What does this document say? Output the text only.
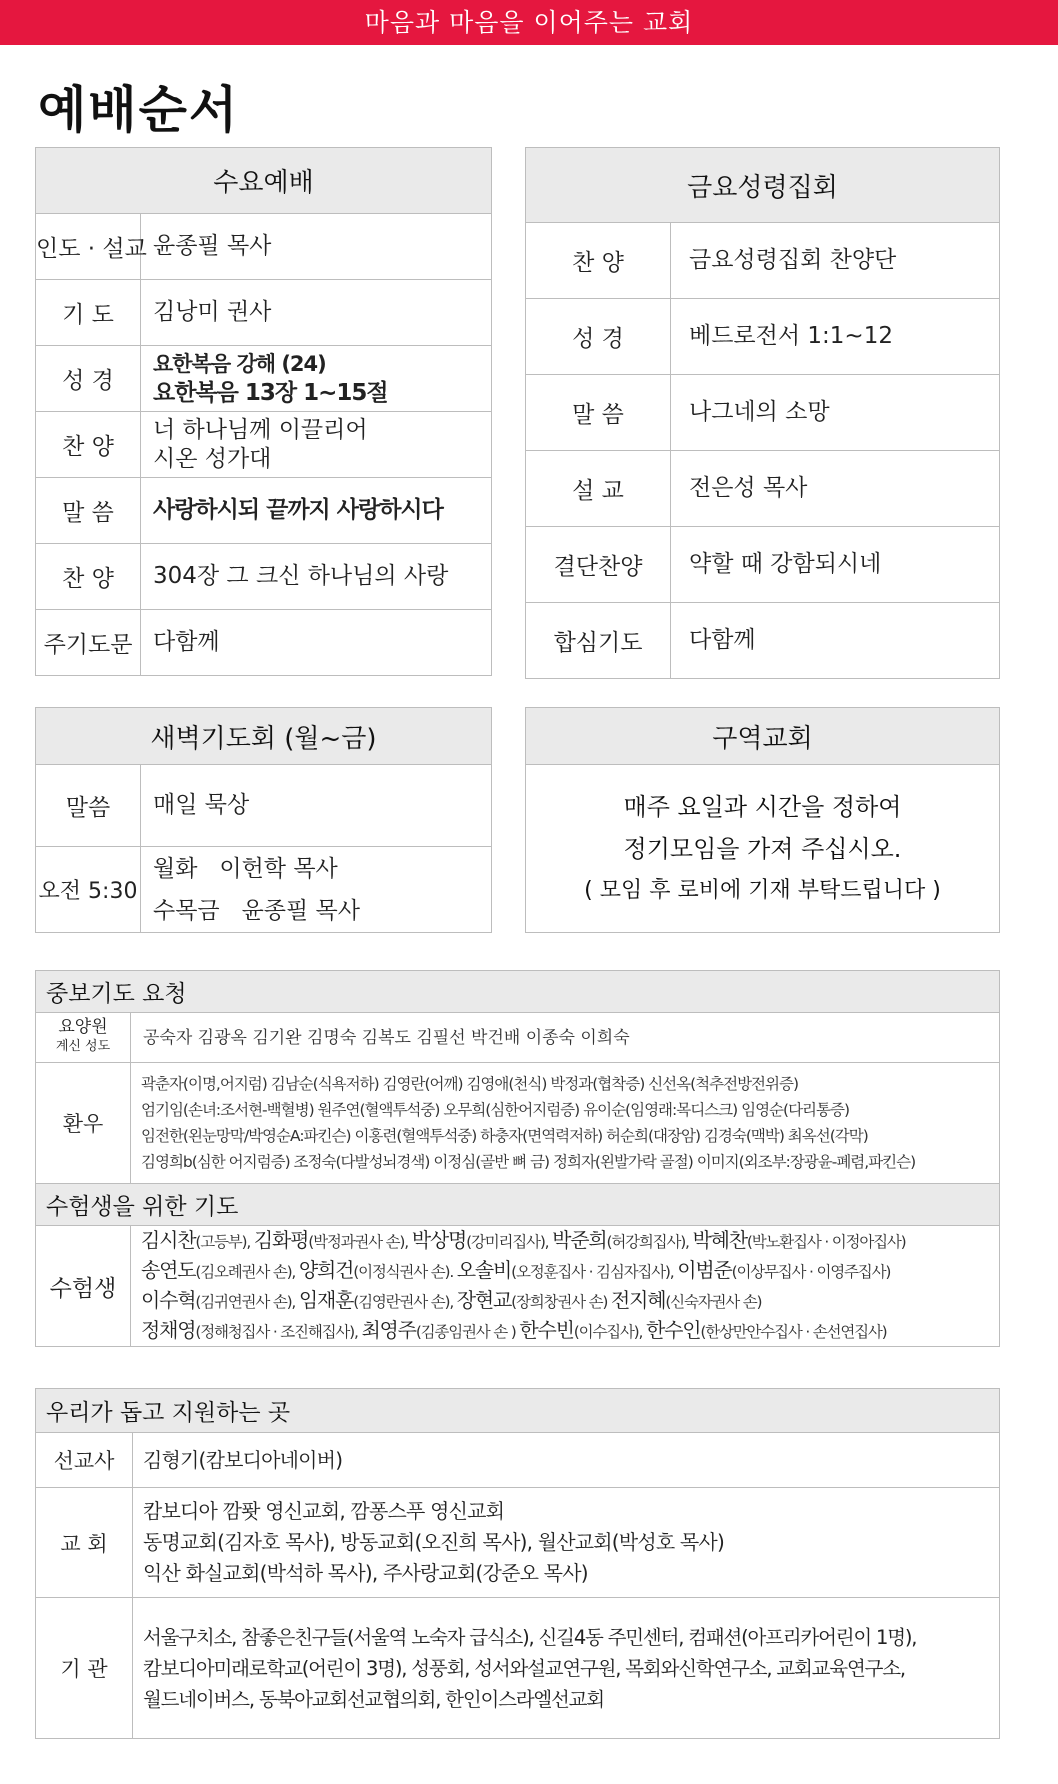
마음과 마음을 이어주는 교회
예배순서
수요예배	
인도 · 설교	윤종필 목사
기 도	김낭미 권사
성 경	요한복음 강해 (24)
요한복음 13장 1~15절

찬 양	너 하나님께 이끌리어
시온 성가대

말 씀	사랑하시되 끝까지 사랑하시다
찬 양	304장 그 크신 하나님의 사랑
주기도문	다함께
금요성령집회	
찬 양	금요성령집회 찬양단
성 경	베드로전서 1:1~12
말 씀	나그네의 소망
설 교	전은성 목사
결단찬양	약할 때 강함되시네
합심기도	다함께
새벽기도회 (월~금)	
말씀	매일 묵상
오전 5:30	월화   이헌학 목사
수목금   윤종필 목사
구역교회

매주 요일과 시간을 정하여
정기모임을 가져 주십시오.
( 모임 후 로비에 기재 부탁드립니다 )
중보기도 요청	

요양원
계신 성도	공숙자 김광옥 김기완 김명숙 김복도 김필선 박건배 이종숙 이희숙
환우	곽춘자(이명,어지럼) 김남순(식욕저하) 김영란(어깨) 김영애(천식) 박정과(협착증) 신선옥(척추전방전위증)
엄기임(손녀:조서현-백혈병) 원주연(혈액투석중) 오무희(심한어지럼증) 유이순(임영래:목디스크) 임영순(다리통증)
임전한(왼눈망막/박영순A:파킨슨) 이홍련(혈액투석중) 하충자(면역력저하) 허순희(대장암) 김경숙(맥박) 최옥선(각막)
김영희b(심한 어지럼증) 조정숙(다발성뇌경색) 이정심(골반 뼈 금) 정희자(왼발가락 골절) 이미지(외조부:장광윤-폐렴,파킨슨)

수험생을 위한 기도	
수험생	김시찬(고등부), 김화평(박정과권사 손), 박상명(강미리집사), 박준희(허강희집사), 박혜찬(박노환집사 · 이정아집사)
송연도(김오례권사 손), 양희건(이정식권사 손). 오솔비(오정훈집사 · 김심자집사), 이범준(이상무집사 · 이영주집사)
이수혁(김귀연권사 손), 임재훈(김영란권사 손), 장현교(장희창권사 손) 전지혜(신숙자권사 손)
정채영(정해청집사 · 조진해집사), 최영주(김종임권사 손 ) 한수빈(이수집사), 한수인(한상만안수집사 · 손선연집사)
우리가 돕고 지원하는 곳	
선교사	김형기(캄보디아네이버)
교 회	캄보디아 깜퐛 영신교회, 깜퐁스푸 영신교회
동명교회(김자호 목사), 방동교회(오진희 목사), 월산교회(박성호 목사)
익산 화실교회(박석하 목사), 주사랑교회(강준오 목사)

기 관	서울구치소, 참좋은친구들(서울역 노숙자 급식소), 신길4동 주민센터, 컴패션(아프리카어린이 1명),
캄보디아미래로학교(어린이 3명), 성풍회, 성서와설교연구원, 목회와신학연구소, 교회교육연구소,
월드네이버스, 동북아교회선교협의회, 한인이스라엘선교회
